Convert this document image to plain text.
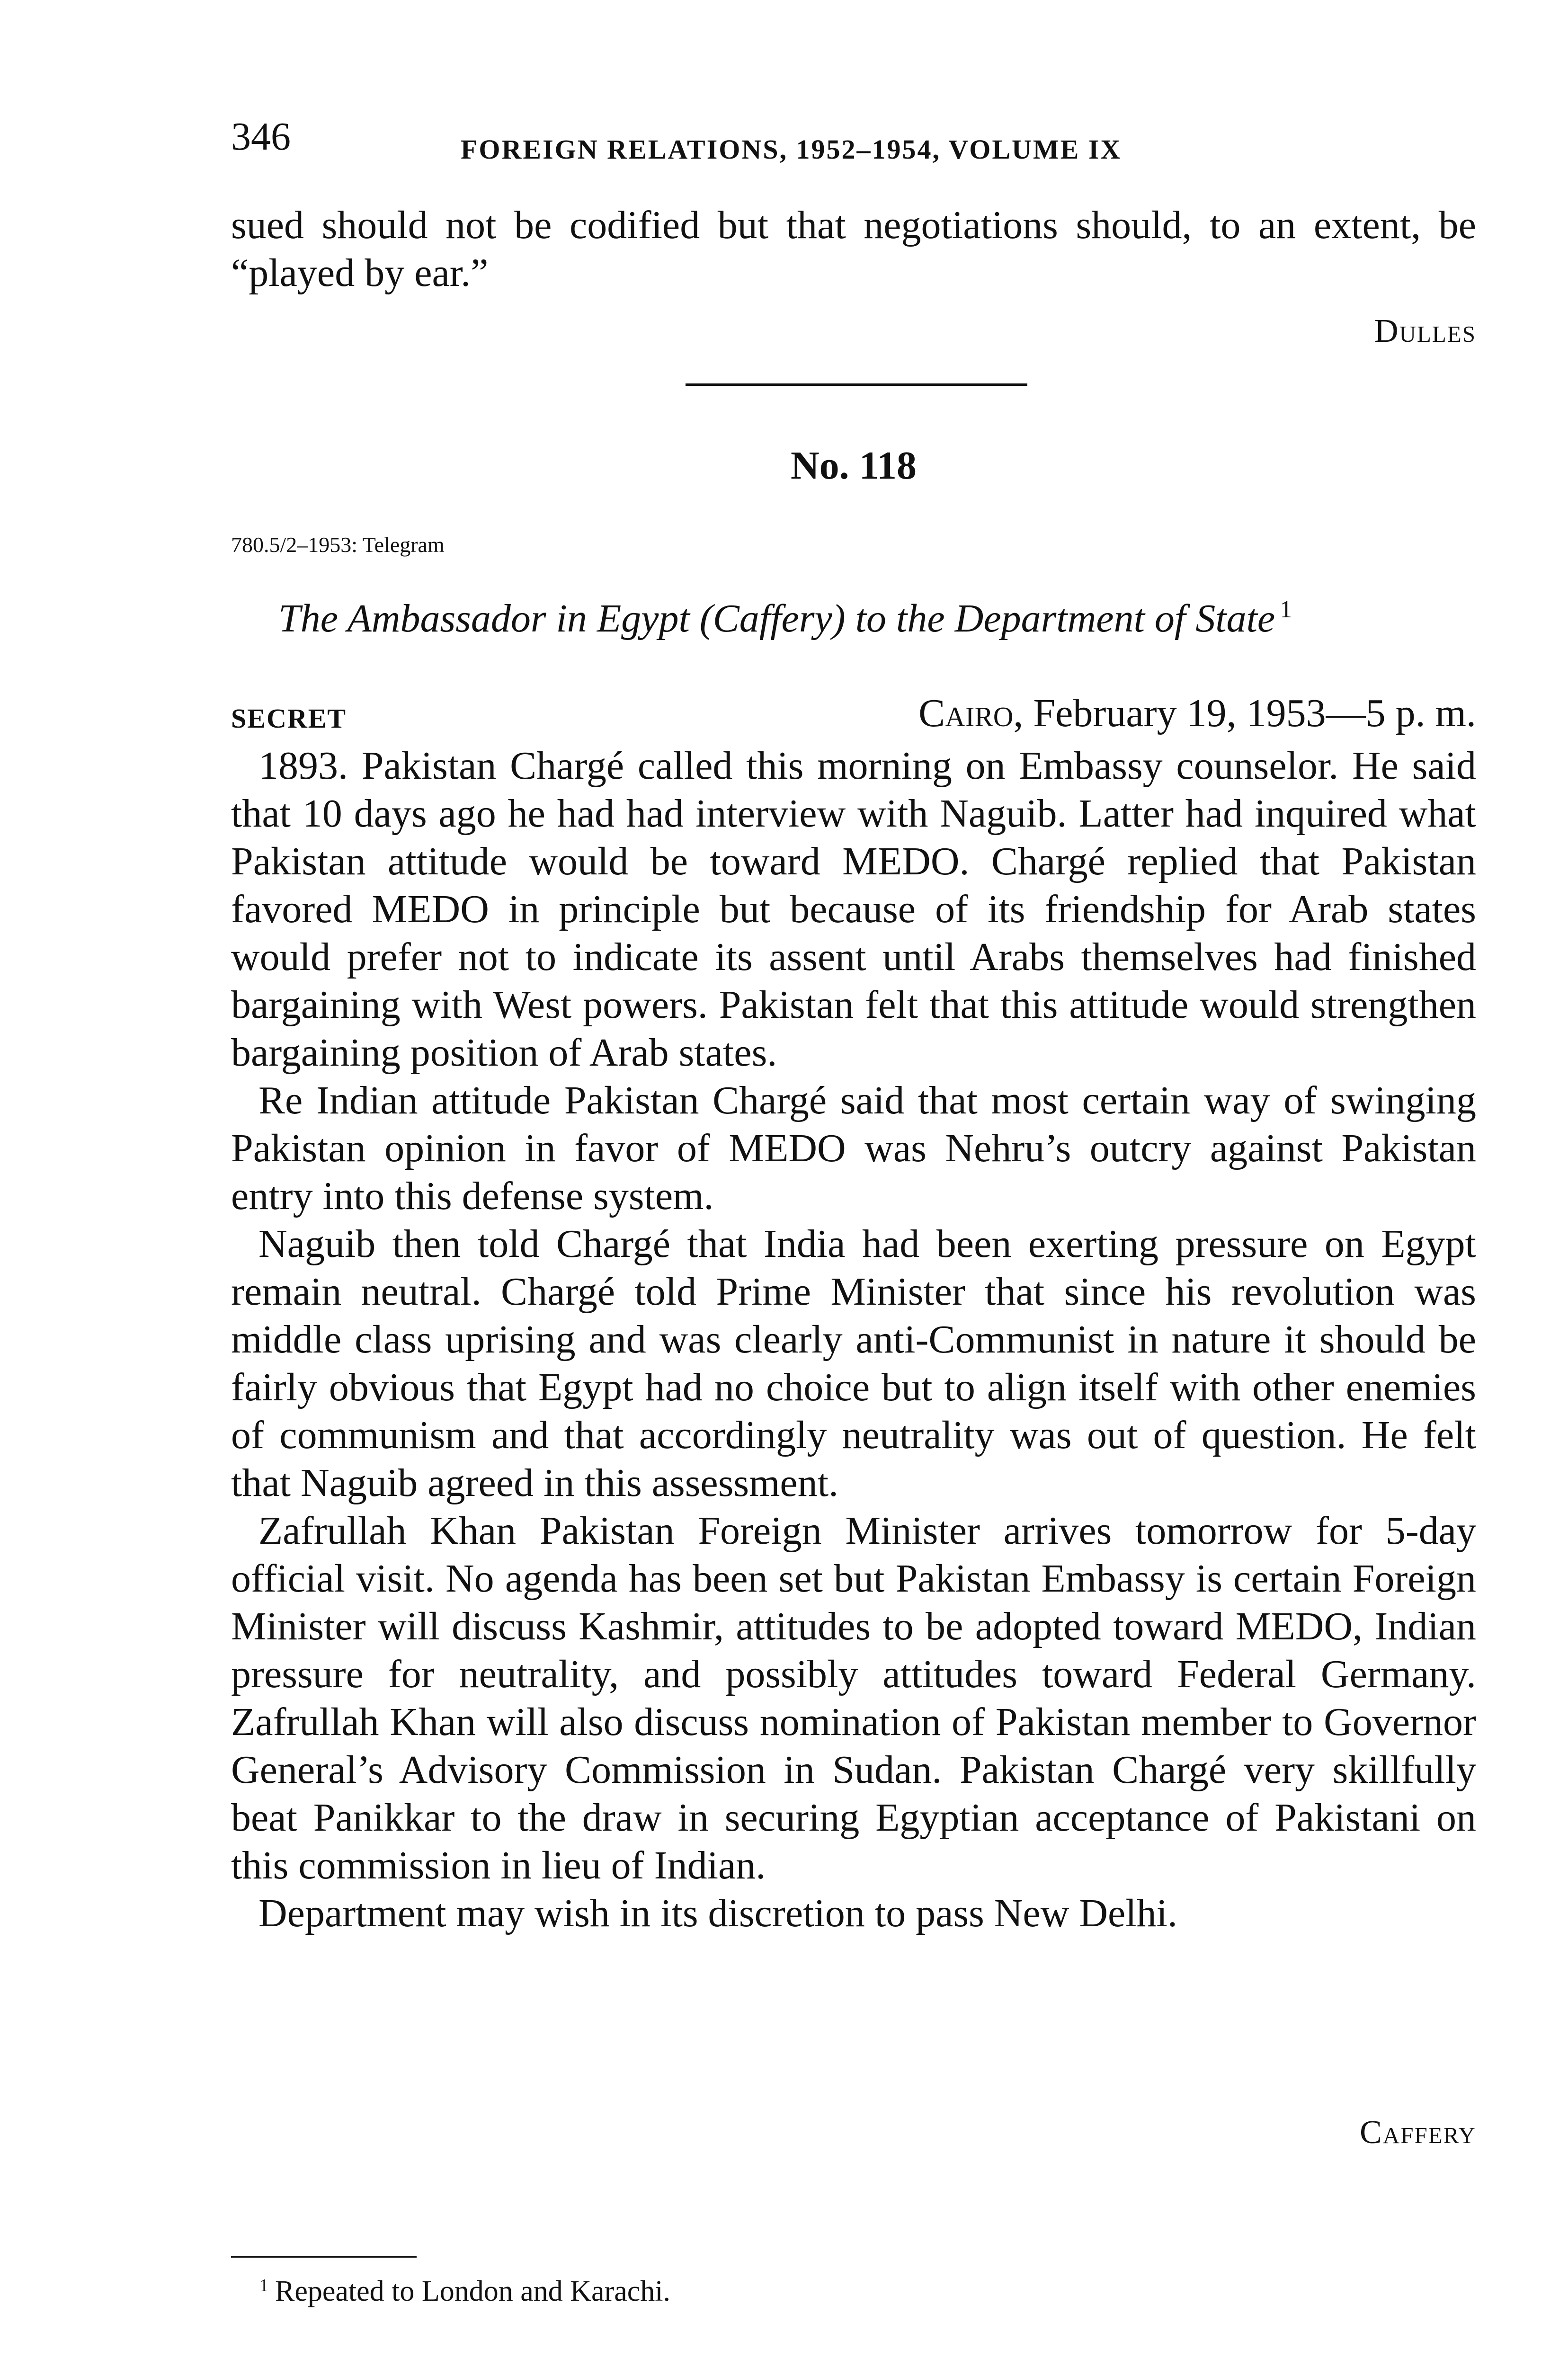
346	FOREIGN RELATIONS, 1952–1954, VOLUME IX

sued should not be codified but that negotiations should, to an extent, be “played by ear.”

Dulles
No. 118
780.5/2–1953: Telegram
The Ambassador in Egypt (Caffery) to the Department of State $^1$
SECRET	Cairo, February 19, 1953—5 p. m.

1893. Pakistan Chargé called this morning on Embassy counselor. He said that 10 days ago he had had interview with Naguib. Latter had inquired what Pakistan attitude would be toward MEDO. Chargé replied that Pakistan favored MEDO in principle but because of its friendship for Arab states would prefer not to indicate its assent until Arabs themselves had finished bargaining with West powers. Pakistan felt that this attitude would strengthen bargaining position of Arab states.

Re Indian attitude Pakistan Chargé said that most certain way of swinging Pakistan opinion in favor of MEDO was Nehru’s outcry against Pakistan entry into this defense system.

Naguib then told Chargé that India had been exerting pressure on Egypt remain neutral. Chargé told Prime Minister that since his revolution was middle class uprising and was clearly anti-Communist in nature it should be fairly obvious that Egypt had no choice but to align itself with other enemies of communism and that accordingly neutrality was out of question. He felt that Naguib agreed in this assessment.

Zafrullah Khan Pakistan Foreign Minister arrives tomorrow for 5-day official visit. No agenda has been set but Pakistan Embassy is certain Foreign Minister will discuss Kashmir, attitudes to be adopted toward MEDO, Indian pressure for neutrality, and possibly attitudes toward Federal Germany. Zafrullah Khan will also discuss nomination of Pakistan member to Governor General’s Advisory Commission in Sudan. Pakistan Chargé very skillfully beat Panikkar to the draw in securing Egyptian acceptance of Pakistani on this commission in lieu of Indian.

Department may wish in its discretion to pass New Delhi.

Caffery
$^1$ Repeated to London and Karachi.
